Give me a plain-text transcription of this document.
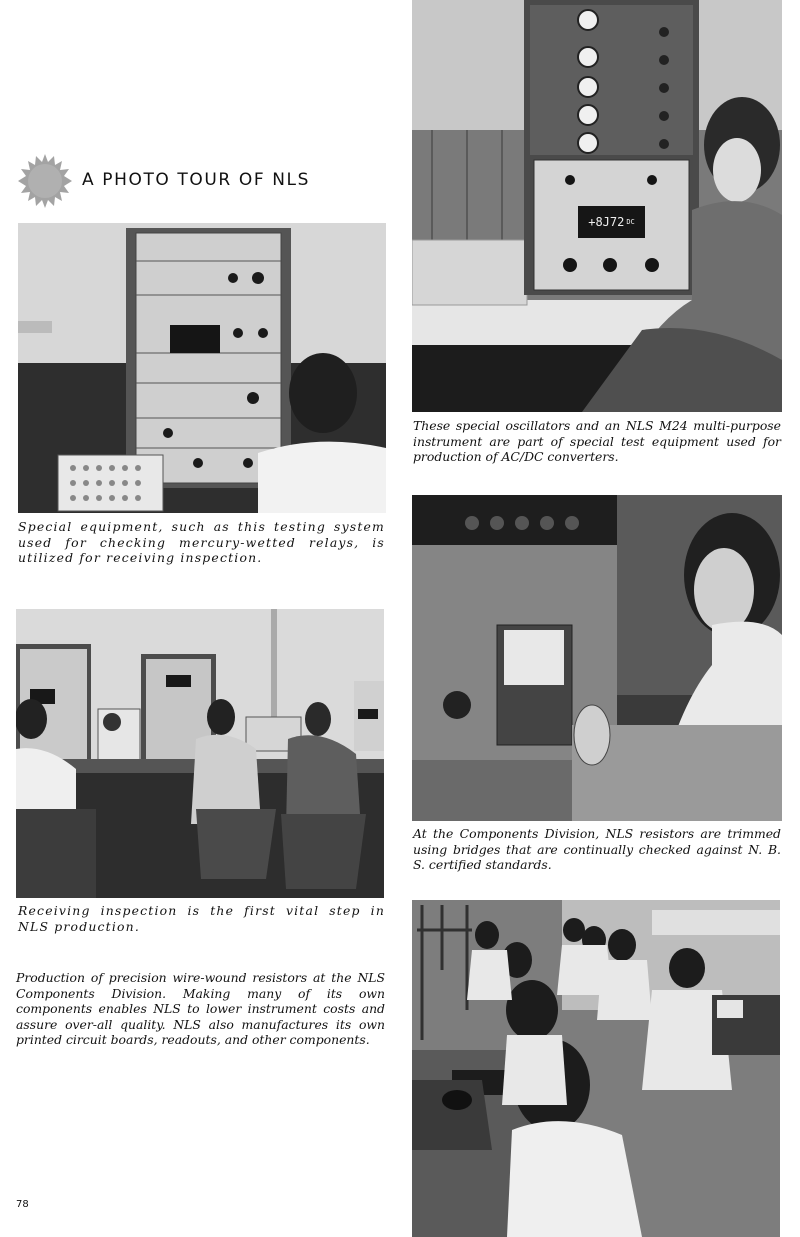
A PHOTO TOUR OF NLS
+8J72 DC
These special oscillators and an NLS M24 multi-purpose instrument are part of special test equipment used for production of AC/DC converters.
Special equipment, such as this testing system used for checking mercury-wetted relays, is utilized for receiving inspection.
At the Components Division, NLS resistors are trimmed using bridges that are continually checked against N. B. S. certified standards.
Receiving inspection is the first vital step in NLS production.
Production of precision wire-wound resistors at the NLS Components Division. Making many of its own components enables NLS to lower instrument costs and assure over-all quality. NLS also manufactures its own printed circuit boards, readouts, and other components.
78
